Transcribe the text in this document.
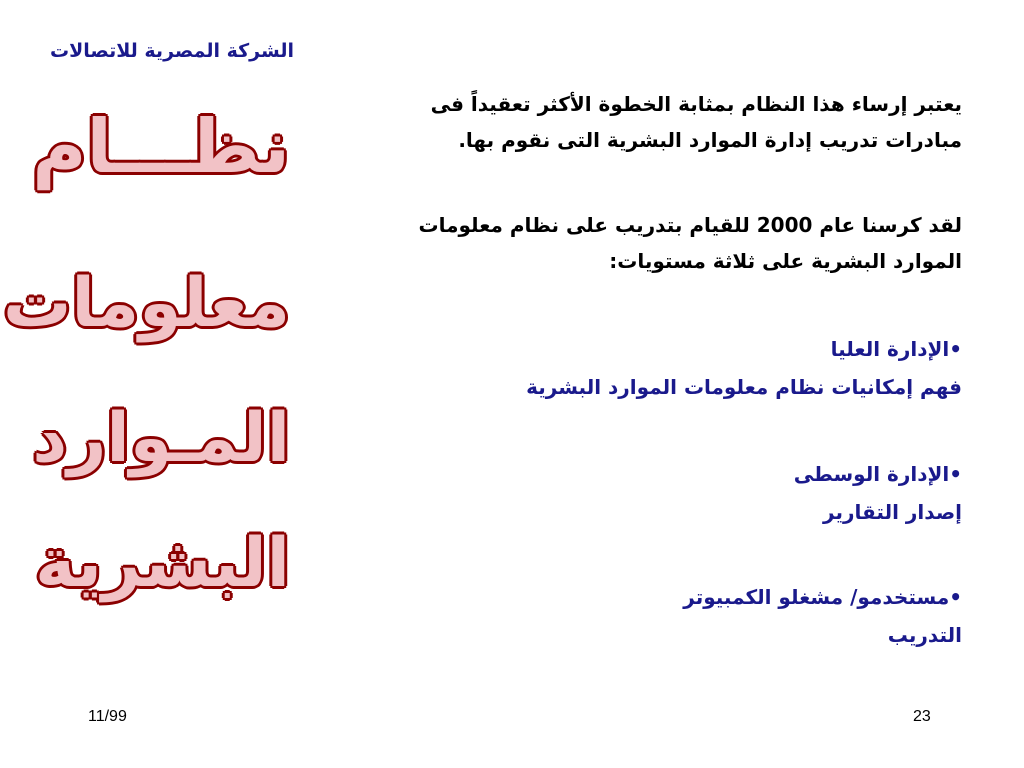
الشركة المصرية للاتصالات
نظـــام
معلومات
المـوارد
البشرية
يعتبر إرساء هذا النظام بمثابة الخطوة الأكثر تعقيداً فى
مبادرات تدريب إدارة الموارد البشرية التى نقوم بها.
لقد كرسنا عام 2000 للقيام بتدريب على نظام معلومات
الموارد البشرية على ثلاثة مستويات:
•الإدارة العليا
فهم إمكانيات نظام معلومات الموارد البشرية
•الإدارة الوسطى
إصدار التقارير
•مستخدمو/ مشغلو الكمبيوتر
التدريب
11/99	23
